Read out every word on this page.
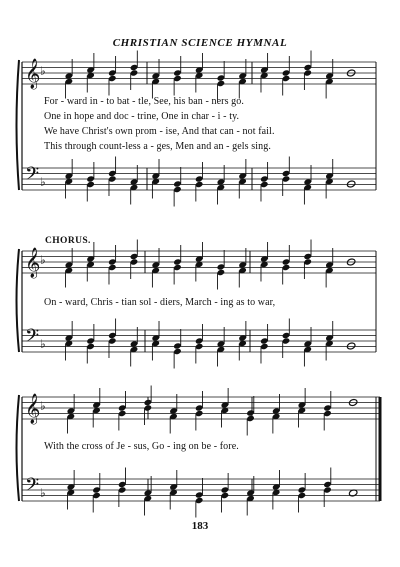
CHRISTIAN SCIENCE HYMNAL
CHORUS.
For - ward in - to bat - tle, See, his ban - ners go.
One in hope and doc - trine, One in char - i - ty.
We have Christ's own prom - ise, And that can - not fail.
This through count-less a - ges, Men and an - gels sing.
On - ward, Chris - tian sol - diers, March - ing as to war,
With the cross of Je - sus, Go - ing on be - fore.
𝄞
𝄢
♭
♭
𝄞
𝄢
♭
♭
𝄞
𝄢
♭
♭
183
